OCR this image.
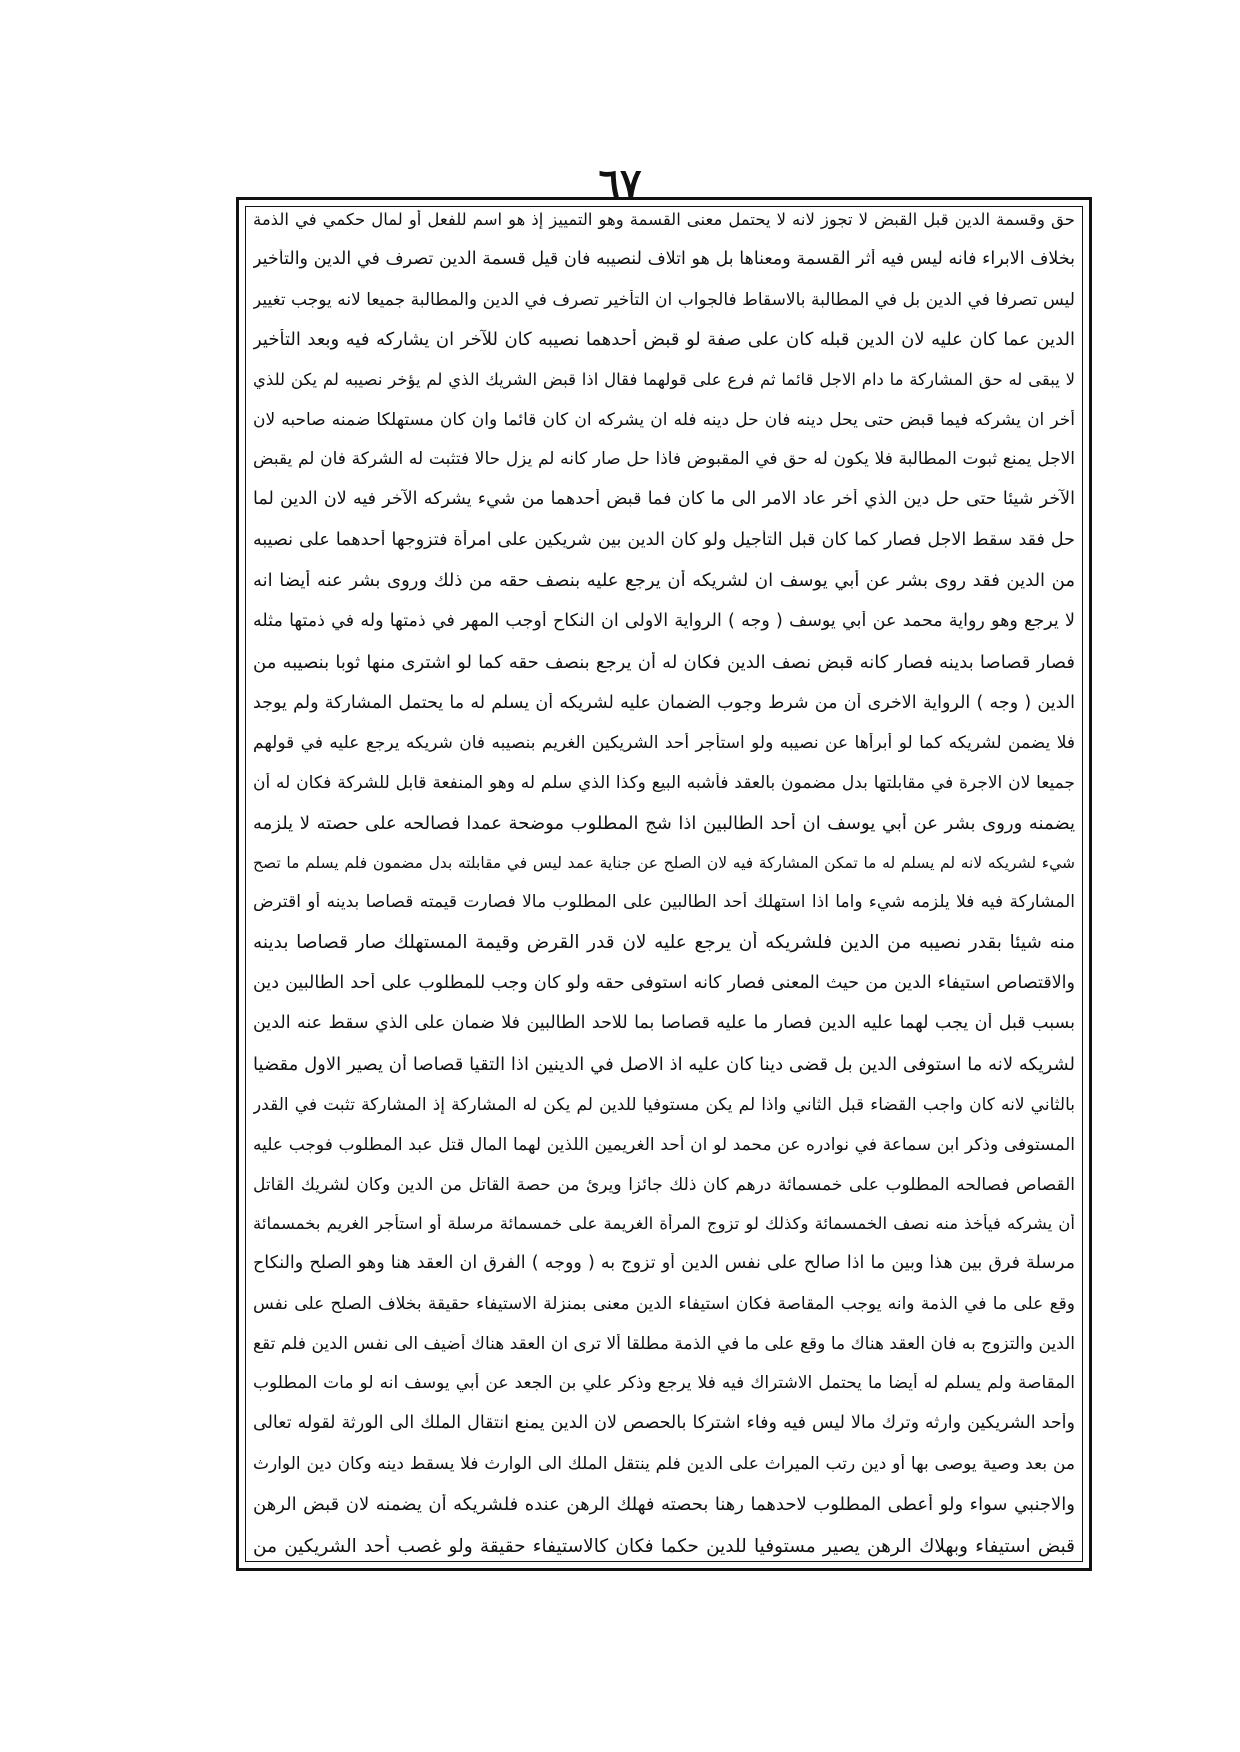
٦٧
حق وقسمة الدين قبل القبض لا تجوز لانه لا يحتمل معنى القسمة وهو التمييز إذ هو اسم للفعل أو لمال حكمي في الذمة
بخلاف الابراء فانه ليس فيه أثر القسمة ومعناها بل هو اتلاف لنصيبه فان قيل قسمة الدين تصرف في الدين والتأخير
ليس تصرفا في الدين بل في المطالبة بالاسقاط فالجواب ان التأخير تصرف في الدين والمطالبة جميعا لانه يوجب تغيير
الدين عما كان عليه لان الدين قبله كان على صفة لو قبض أحدهما نصيبه كان للآخر ان يشاركه فيه وبعد التأخير
لا يبقى له حق المشاركة ما دام الاجل قائما ثم فرع على قولهما فقال اذا قبض الشريك الذي لم يؤخر نصيبه لم يكن للذي
أخر ان يشركه فيما قبض حتى يحل دينه فان حل دينه فله ان يشركه ان كان قائما وان كان مستهلكا ضمنه صاحبه لان
الاجل يمنع ثبوت المطالبة فلا يكون له حق في المقبوض فاذا حل صار كانه لم يزل حالا فتثبت له الشركة فان لم يقبض
الآخر شيئا حتى حل دين الذي أخر عاد الامر الى ما كان فما قبض أحدهما من شيء يشركه الآخر فيه لان الدين لما
حل فقد سقط الاجل فصار كما كان قبل التأجيل ولو كان الدين بين شريكين على امرأة فتزوجها أحدهما على نصيبه
من الدين فقد روى بشر عن أبي يوسف ان لشريكه أن يرجع عليه بنصف حقه من ذلك وروى بشر عنه أيضا انه
لا يرجع وهو رواية محمد عن أبي يوسف ( وجه ) الرواية الاولى ان النكاح أوجب المهر في ذمتها وله في ذمتها مثله
فصار قصاصا بدينه فصار كانه قبض نصف الدين فكان له أن يرجع بنصف حقه كما لو اشترى منها ثوبا بنصيبه من
الدين ( وجه ) الرواية الاخرى أن من شرط وجوب الضمان عليه لشريكه أن يسلم له ما يحتمل المشاركة ولم يوجد
فلا يضمن لشريكه كما لو أبرأها عن نصيبه ولو استأجر أحد الشريكين الغريم بنصيبه فان شريكه يرجع عليه في قولهم
جميعا لان الاجرة في مقابلتها بدل مضمون بالعقد فأشبه البيع وكذا الذي سلم له وهو المنفعة قابل للشركة فكان له أن
يضمنه وروى بشر عن أبي يوسف ان أحد الطالبين اذا شج المطلوب موضحة عمدا فصالحه على حصته لا يلزمه
شيء لشريكه لانه لم يسلم له ما تمكن المشاركة فيه لان الصلح عن جناية عمد ليس في مقابلته بدل مضمون فلم يسلم ما تصح
المشاركة فيه فلا يلزمه شيء واما اذا استهلك أحد الطالبين على المطلوب مالا فصارت قيمته قصاصا بدينه أو اقترض
منه شيئا بقدر نصيبه من الدين فلشريكه أن يرجع عليه لان قدر القرض وقيمة المستهلك صار قصاصا بدينه
والاقتصاص استيفاء الدين من حيث المعنى فصار كانه استوفى حقه ولو كان وجب للمطلوب على أحد الطالبين دين
بسبب قبل أن يجب لهما عليه الدين فصار ما عليه قصاصا بما للاحد الطالبين فلا ضمان على الذي سقط عنه الدين
لشريكه لانه ما استوفى الدين بل قضى دينا كان عليه اذ الاصل في الدينين اذا التقيا قصاصا أن يصير الاول مقضيا
بالثاني لانه كان واجب القضاء قبل الثاني واذا لم يكن مستوفيا للدين لم يكن له المشاركة إذ المشاركة تثبت في القدر
المستوفى وذكر ابن سماعة في نوادره عن محمد لو ان أحد الغريمين اللذين لهما المال قتل عبد المطلوب فوجب عليه
القصاص فصالحه المطلوب على خمسمائة درهم كان ذلك جائزا ويرئ من حصة القاتل من الدين وكان لشريك القاتل
أن يشركه فيأخذ منه نصف الخمسمائة وكذلك لو تزوج المرأة الغريمة على خمسمائة مرسلة أو استأجر الغريم بخمسمائة
مرسلة فرق بين هذا وبين ما اذا صالح على نفس الدين أو تزوج به ( ووجه ) الفرق ان العقد هنا وهو الصلح والنكاح
وقع على ما في الذمة وانه يوجب المقاصة فكان استيفاء الدين معنى بمنزلة الاستيفاء حقيقة بخلاف الصلح على نفس
الدين والتزوج به فان العقد هناك ما وقع على ما في الذمة مطلقا ألا ترى ان العقد هناك أضيف الى نفس الدين فلم تقع
المقاصة ولم يسلم له أيضا ما يحتمل الاشتراك فيه فلا يرجع وذكر علي بن الجعد عن أبي يوسف انه لو مات المطلوب
وأحد الشريكين وارثه وترك مالا ليس فيه وفاء اشتركا بالحصص لان الدين يمنع انتقال الملك الى الورثة لقوله تعالى
من بعد وصية يوصى بها أو دين رتب الميراث على الدين فلم ينتقل الملك الى الوارث فلا يسقط دينه وكان دين الوارث
والاجنبي سواء ولو أعطى المطلوب لاحدهما رهنا بحصته فهلك الرهن عنده فلشريكه أن يضمنه لان قبض الرهن
قبض استيفاء وبهلاك الرهن يصير مستوفيا للدين حكما فكان كالاستيفاء حقيقة ولو غصب أحد الشريكين من
